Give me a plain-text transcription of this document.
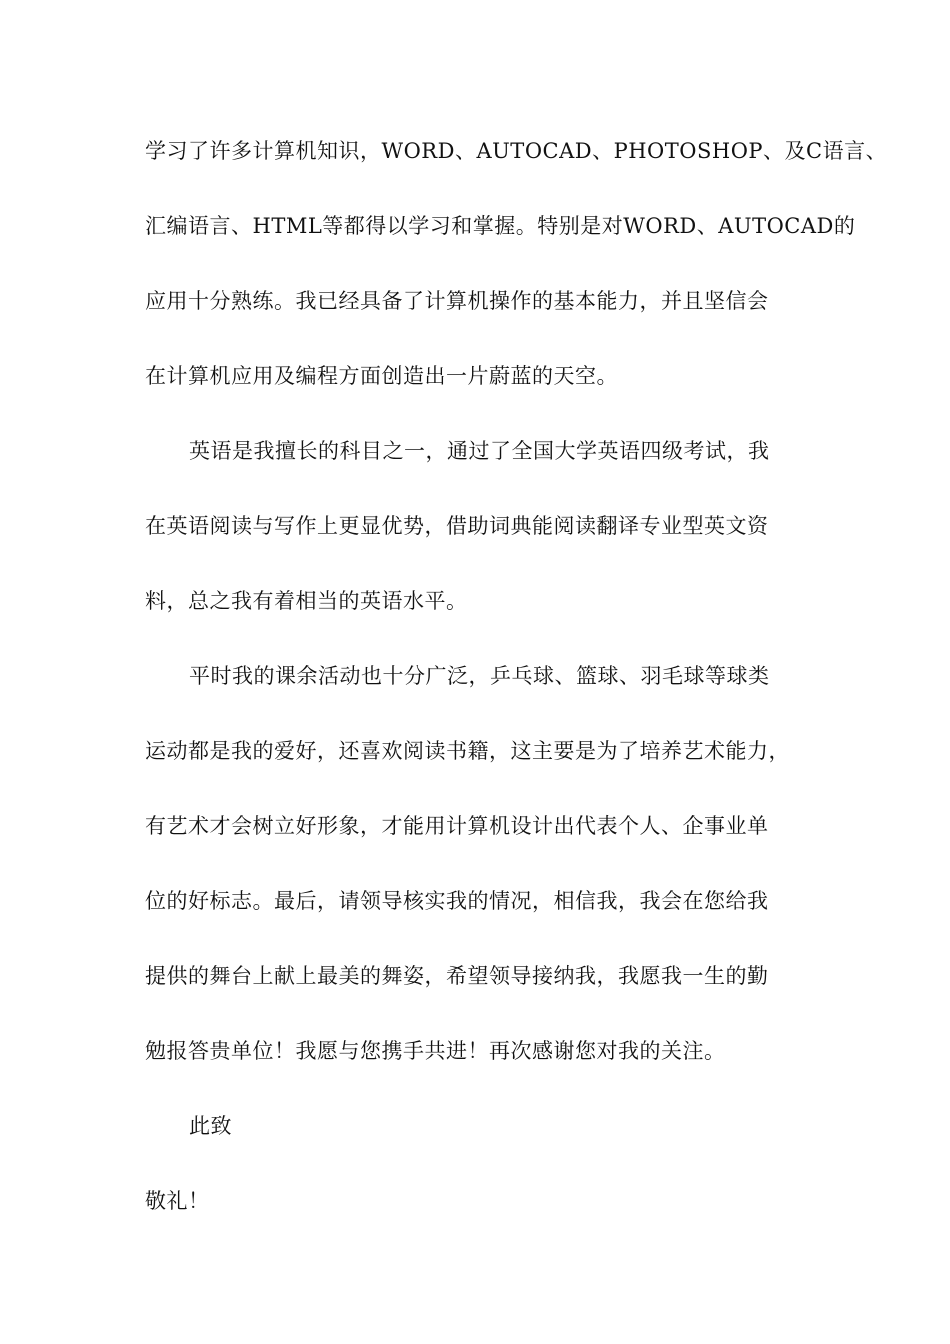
学习了许多计算机知识，WORD、AUTOCAD、PHOTOSHOP、及C语言、
汇编语言、HTML等都得以学习和掌握。特别是对WORD、AUTOCAD的
应用十分熟练。我已经具备了计算机操作的基本能力，并且坚信会
在计算机应用及编程方面创造出一片蔚蓝的天空。
英语是我擅长的科目之一，通过了全国大学英语四级考试，我
在英语阅读与写作上更显优势，借助词典能阅读翻译专业型英文资
料，总之我有着相当的英语水平。
平时我的课余活动也十分广泛，乒乓球、篮球、羽毛球等球类
运动都是我的爱好，还喜欢阅读书籍，这主要是为了培养艺术能力，
有艺术才会树立好形象，才能用计算机设计出代表个人、企事业单
位的好标志。最后，请领导核实我的情况，相信我，我会在您给我
提供的舞台上献上最美的舞姿，希望领导接纳我，我愿我一生的勤
勉报答贵单位！我愿与您携手共进！再次感谢您对我的关注。
此致
敬礼！
